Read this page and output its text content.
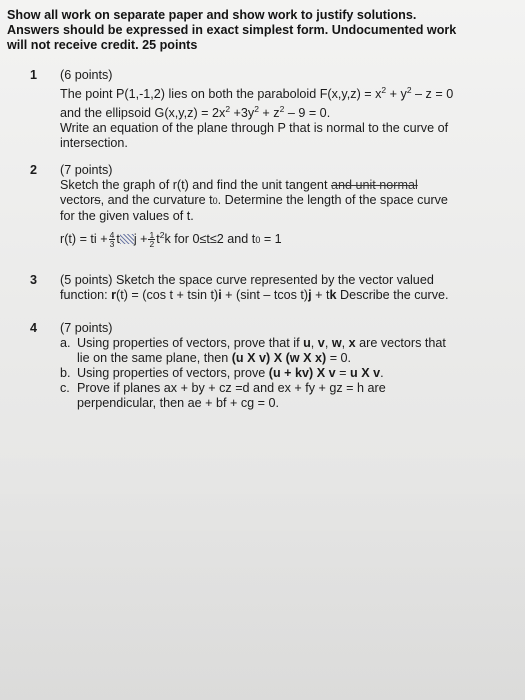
Show all work on separate paper and show work to justify solutions.
Answers should be expressed in exact simplest form. Undocumented work
will not receive credit. 25 points
1 (6 points)
The point P(1,-1,2) lies on both the paraboloid $F(x,y,z) = x^2 + y^2 - z = 0$
and the ellipsoid $G(x,y,z) = 2x^2 +3y^2 + z^2 - 9 = 0$.
Write an equation of the plane through P that is normal to the curve of
intersection.
2 (7 points)
Sketch the graph of r(t) and find the unit tangent and unit normal
vectors, and the curvature t0. Determine the length of the space curve
for the given values of t.
r(t) = ti + $\frac{4}{3}$ t $j + \frac{1}{2} t^2k$ for 0≤t≤2 and t0 = 1
3 (5 points) Sketch the space curve represented by the vector valued
function: r(t) = (cos t + tsin t)i + (sint – tcos t)j + tk Describe the curve.
4 (7 points)
a. Using properties of vectors, prove that if u, v, w, x are vectors that
lie on the same plane, then (u X v) X (w X x) = 0.
b. Using properties of vectors, prove (u + kv) X v = u X v.
c. Prove if planes ax + by + cz =d and ex + fy + gz = h are
perpendicular, then ae + bf + cg = 0.
